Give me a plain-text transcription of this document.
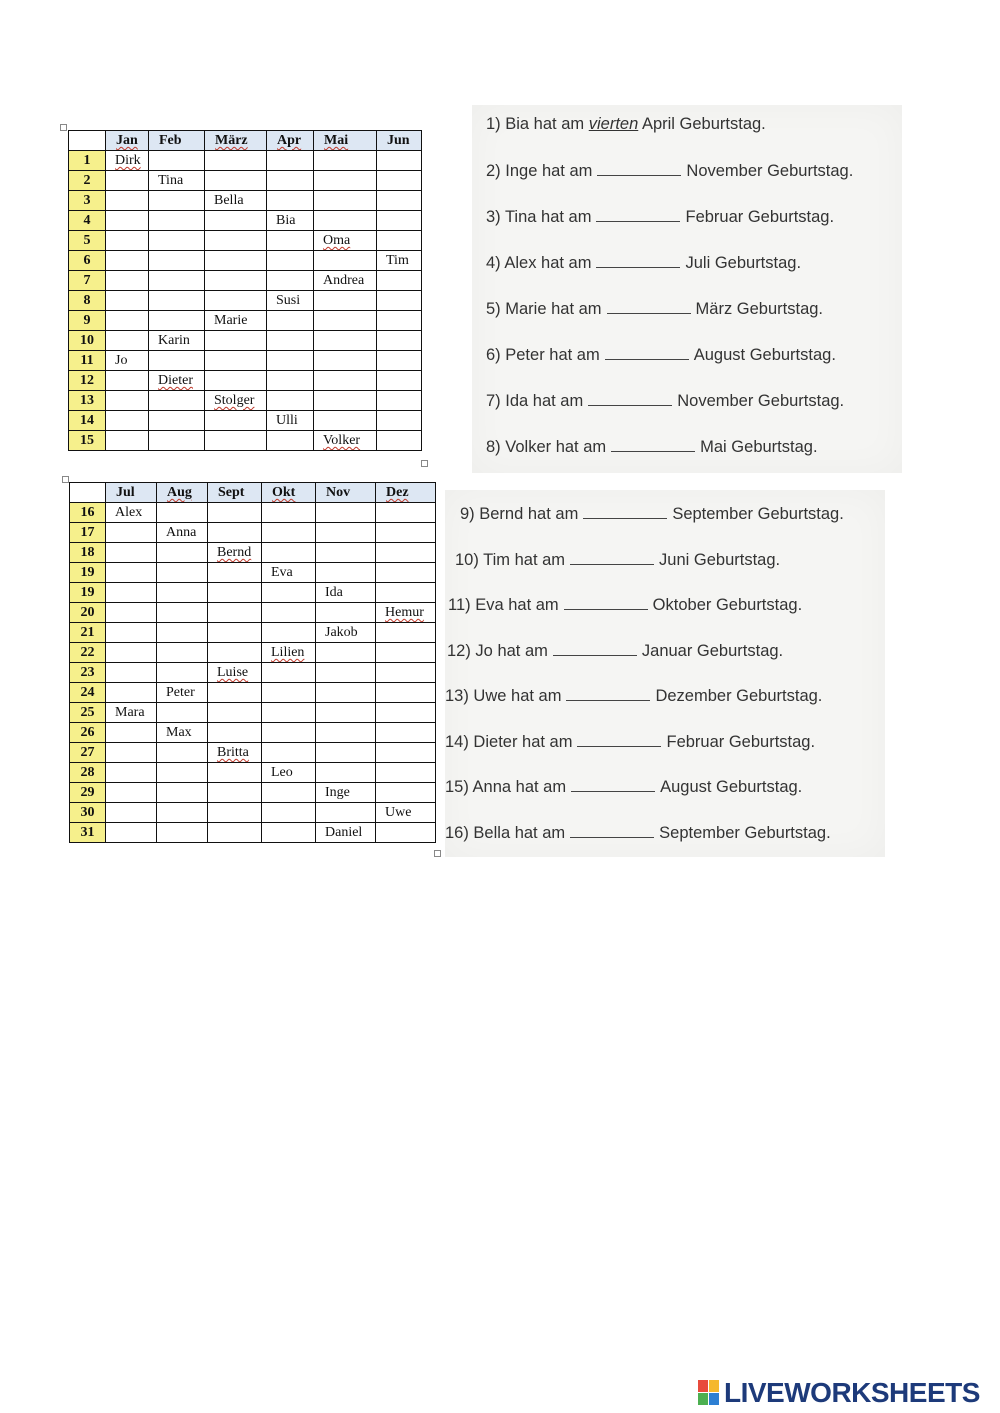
	Jan	Feb	März	Apr	Mai	Jun
1	Dirk					
2		Tina				
3			Bella			
4				Bia		
5					Oma	
6						Tim
7					Andrea	
8				Susi		
9			Marie			
10		Karin				
11	Jo					
12		Dieter				
13			Stolger			
14				Ulli		
15					Volker	
	Jul	Aug	Sept	Okt	Nov	Dez
16	Alex					
17		Anna				
18			Bernd			
19				Eva		
19					Ida	
20						Hemur
21					Jakob	
22				Lilien		
23			Luise			
24		Peter				
25	Mara					
26		Max				
27			Britta			
28				Leo		
29					Inge	
30						Uwe
31					Daniel	
1) Bia hat am vierten April Geburtstag.
2) Inge hat am	November Geburtstag.
3) Tina hat am	Februar Geburtstag.
4) Alex hat am	Juli Geburtstag.
5) Marie hat am	März Geburtstag.
6) Peter hat am	August Geburtstag.
7) Ida hat am	November Geburtstag.
8) Volker hat am	Mai Geburtstag.
9) Bernd hat am	September Geburtstag.
10) Tim hat am	Juni Geburtstag.
11) Eva hat am	Oktober Geburtstag.
12) Jo hat am	Januar Geburtstag.
13) Uwe hat am	Dezember Geburtstag.
14) Dieter hat am	Februar Geburtstag.
15) Anna hat am	August Geburtstag.
16) Bella hat am	September Geburtstag.
LIVEWORKSHEETS
